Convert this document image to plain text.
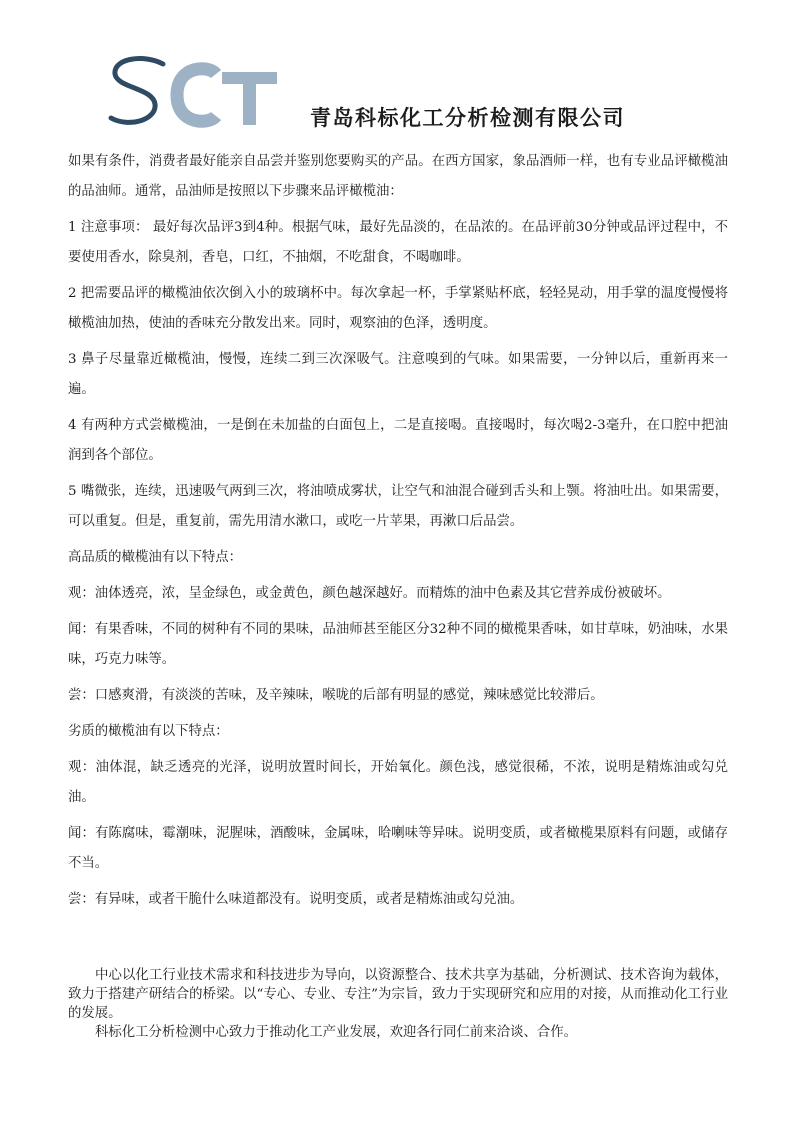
青岛科标化工分析检测有限公司

如果有条件，消费者最好能亲自品尝并鉴别您要购买的产品。在西方国家，象品酒师一样，也有专业品评橄榄油的品油师。通常，品油师是按照以下步骤来品评橄榄油：

1 注意事项： 最好每次品评3到4种。根据气味，最好先品淡的，在品浓的。在品评前30分钟或品评过程中，不要使用香水，除臭剂，香皂，口红，不抽烟，不吃甜食，不喝咖啡。

2 把需要品评的橄榄油依次倒入小的玻璃杯中。每次拿起一杯，手掌紧贴杯底，轻轻晃动，用手掌的温度慢慢将橄榄油加热，使油的香味充分散发出来。同时，观察油的色泽，透明度。

3 鼻子尽量靠近橄榄油，慢慢，连续二到三次深吸气。注意嗅到的气味。如果需要，一分钟以后，重新再来一遍。

4 有两种方式尝橄榄油，一是倒在未加盐的白面包上，二是直接喝。直接喝时，每次喝2-3毫升，在口腔中把油润到各个部位。

5 嘴微张，连续，迅速吸气两到三次，将油喷成雾状，让空气和油混合碰到舌头和上颚。将油吐出。如果需要，可以重复。但是，重复前，需先用清水漱口，或吃一片苹果，再漱口后品尝。

高品质的橄榄油有以下特点：

观：油体透亮，浓，呈金绿色，或金黄色，颜色越深越好。而精炼的油中色素及其它营养成份被破坏。

闻：有果香味，不同的树种有不同的果味，品油师甚至能区分32种不同的橄榄果香味，如甘草味，奶油味，水果味，巧克力味等。

尝：口感爽滑，有淡淡的苦味，及辛辣味，喉咙的后部有明显的感觉，辣味感觉比较滞后。

劣质的橄榄油有以下特点：

观：油体混，缺乏透亮的光泽，说明放置时间长，开始氧化。颜色浅，感觉很稀，不浓，说明是精炼油或勾兑油。

闻：有陈腐味，霉潮味，泥腥味，酒酸味，金属味，哈喇味等异味。说明变质，或者橄榄果原料有问题，或储存不当。

尝：有异味，或者干脆什么味道都没有。说明变质，或者是精炼油或勾兑油。

中心以化工行业技术需求和科技进步为导向，以资源整合、技术共享为基础，分析测试、技术咨询为载体，致力于搭建产研结合的桥梁。以“专心、专业、专注”为宗旨，致力于实现研究和应用的对接，从而推动化工行业的发展。

科标化工分析检测中心致力于推动化工产业发展，欢迎各行同仁前来洽谈、合作。
